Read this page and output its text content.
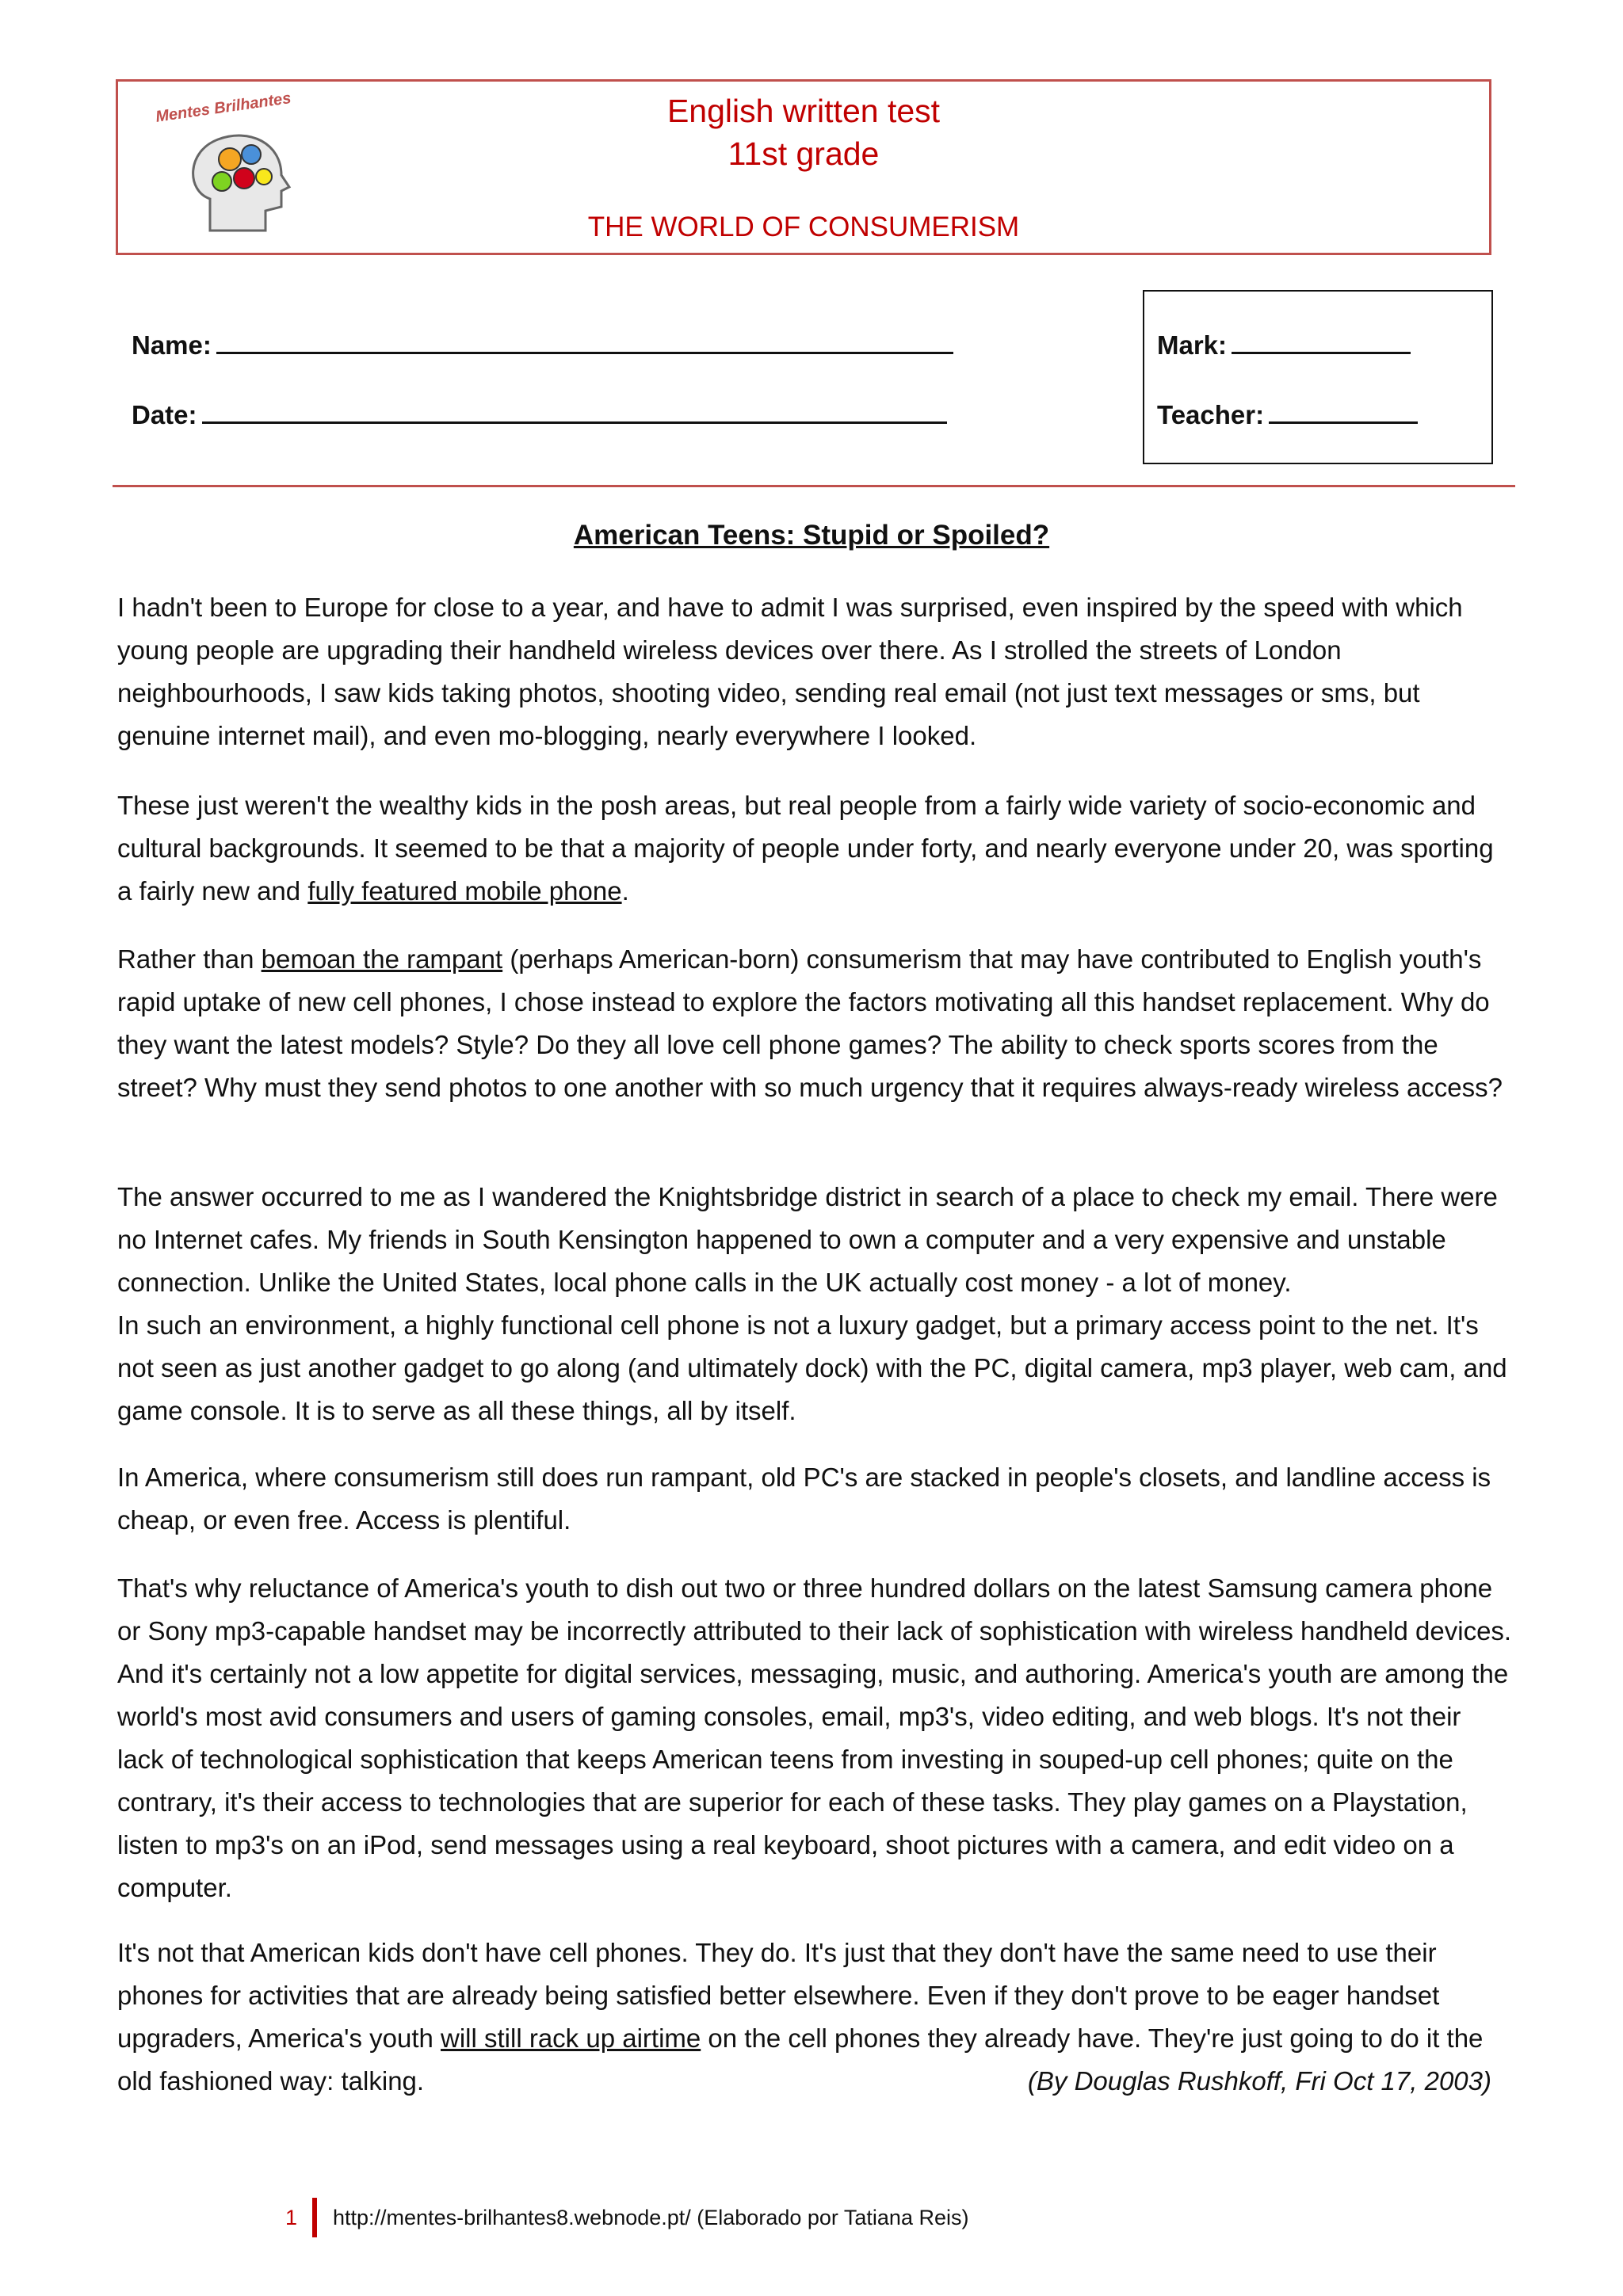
Mentes Brilhantes	English written test
11st grade
THE WORLD OF CONSUMERISM
Name:
Date:
Mark:
Teacher:
American Teens: Stupid or Spoiled?

I hadn't been to Europe for close to a year, and have to admit I was surprised, even inspired by the speed with which young people are upgrading their handheld wireless devices over there. As I strolled the streets of London neighbourhoods, I saw kids taking photos, shooting video, sending real email (not just text messages or sms, but genuine internet mail), and even mo-blogging, nearly everywhere I looked.

These just weren't the wealthy kids in the posh areas, but real people from a fairly wide variety of socio-economic and cultural backgrounds. It seemed to be that a majority of people under forty, and nearly everyone under 20, was sporting a fairly new and fully featured mobile phone.

Rather than bemoan the rampant (perhaps American-born) consumerism that may have contributed to English youth's rapid uptake of new cell phones, I chose instead to explore the factors motivating all this handset replacement. Why do they want the latest models? Style? Do they all love cell phone games? The ability to check sports scores from the street? Why must they send photos to one another with so much urgency that it requires always-ready wireless access?

The answer occurred to me as I wandered the Knightsbridge district in search of a place to check my email. There were no Internet cafes. My friends in South Kensington happened to own a computer and a very expensive and unstable connection. Unlike the United States, local phone calls in the UK actually cost money - a lot of money.
In such an environment, a highly functional cell phone is not a luxury gadget, but a primary access point to the net. It's not seen as just another gadget to go along (and ultimately dock) with the PC, digital camera, mp3 player, web cam, and game console. It is to serve as all these things, all by itself.

In America, where consumerism still does run rampant, old PC's are stacked in people's closets, and landline access is cheap, or even free. Access is plentiful.

That's why reluctance of America's youth to dish out two or three hundred dollars on the latest Samsung camera phone or Sony mp3-capable handset may be incorrectly attributed to their lack of sophistication with wireless handheld devices. And it's certainly not a low appetite for digital services, messaging, music, and authoring. America's youth are among the world's most avid consumers and users of gaming consoles, email, mp3's, video editing, and web blogs. It's not their lack of technological sophistication that keeps American teens from investing in souped-up cell phones; quite on the contrary, it's their access to technologies that are superior for each of these tasks. They play games on a Playstation, listen to mp3's on an iPod, send messages using a real keyboard, shoot pictures with a camera, and edit video on a computer.

It's not that American kids don't have cell phones. They do. It's just that they don't have the same need to use their phones for activities that are already being satisfied better elsewhere. Even if they don't prove to be eager handset upgraders, America's youth will still rack up airtime on the cell phones they already have. They're just going to do it the old fashioned way: talking.	(By Douglas Rushkoff, Fri Oct 17, 2003)

1 http://mentes-brilhantes8.webnode.pt/ (Elaborado por Tatiana Reis)
